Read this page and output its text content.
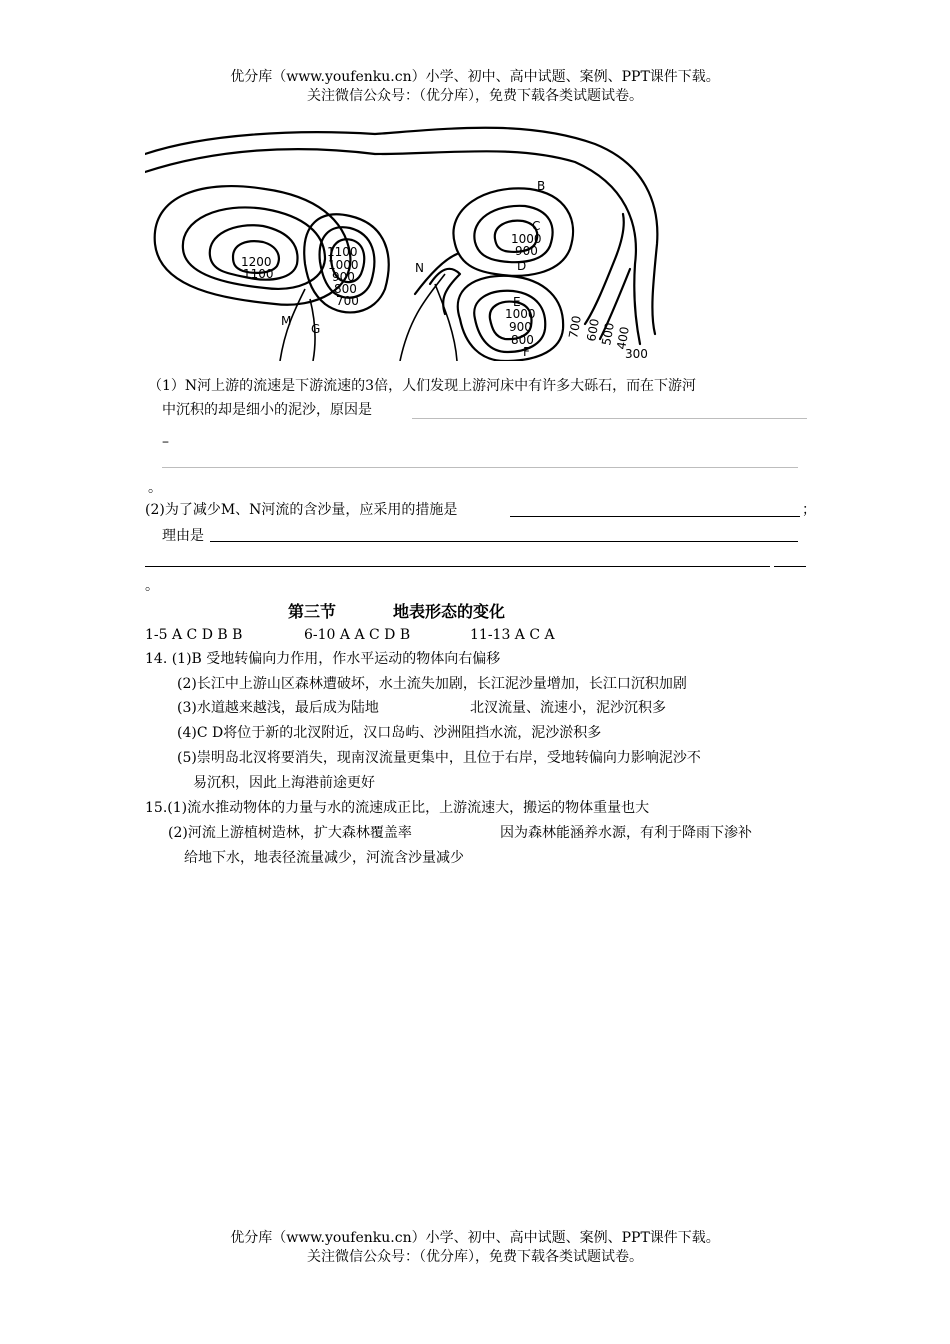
优分库（www.youfenku.cn）小学、初中、高中试题、案例、PPT课件下载。
关注微信公众号：（优分库），免费下载各类试题试卷。
1200
1100
1100
1000
900
800
700
B
C
1000
900
D
N
E
1000
900
800
F
M
G	700 600
500
400
300
（1）N河上游的流速是下游流速的3倍，人们发现上游河床中有许多大砾石，而在下游河
中沉积的却是细小的泥沙，原因是
–
。
(2)为了减少M、N河流的含沙量，应采用的措施是	；
理由是
。
第三节	地表形态的变化
1-5 A C D B B	6-10 A A C D B	11-13 A C A
14. (1)B 受地转偏向力作用，作水平运动的物体向右偏移
(2)长江中上游山区森林遭破坏，水土流失加剧，长江泥沙量增加，长江口沉积加剧
(3)水道越来越浅，最后成为陆地	北汊流量、流速小，泥沙沉积多
(4)C D将位于新的北汊附近，汉口岛屿、沙洲阻挡水流，泥沙淤积多
(5)崇明岛北汊将要消失，现南汊流量更集中，且位于右岸，受地转偏向力影响泥沙不
易沉积，因此上海港前途更好
15.(1)流水推动物体的力量与水的流速成正比，上游流速大，搬运的物体重量也大
(2)河流上游植树造林，扩大森林覆盖率	因为森林能涵养水源，有利于降雨下渗补
给地下水，地表径流量减少，河流含沙量减少
优分库（www.youfenku.cn）小学、初中、高中试题、案例、PPT课件下载。
关注微信公众号：（优分库），免费下载各类试题试卷。
